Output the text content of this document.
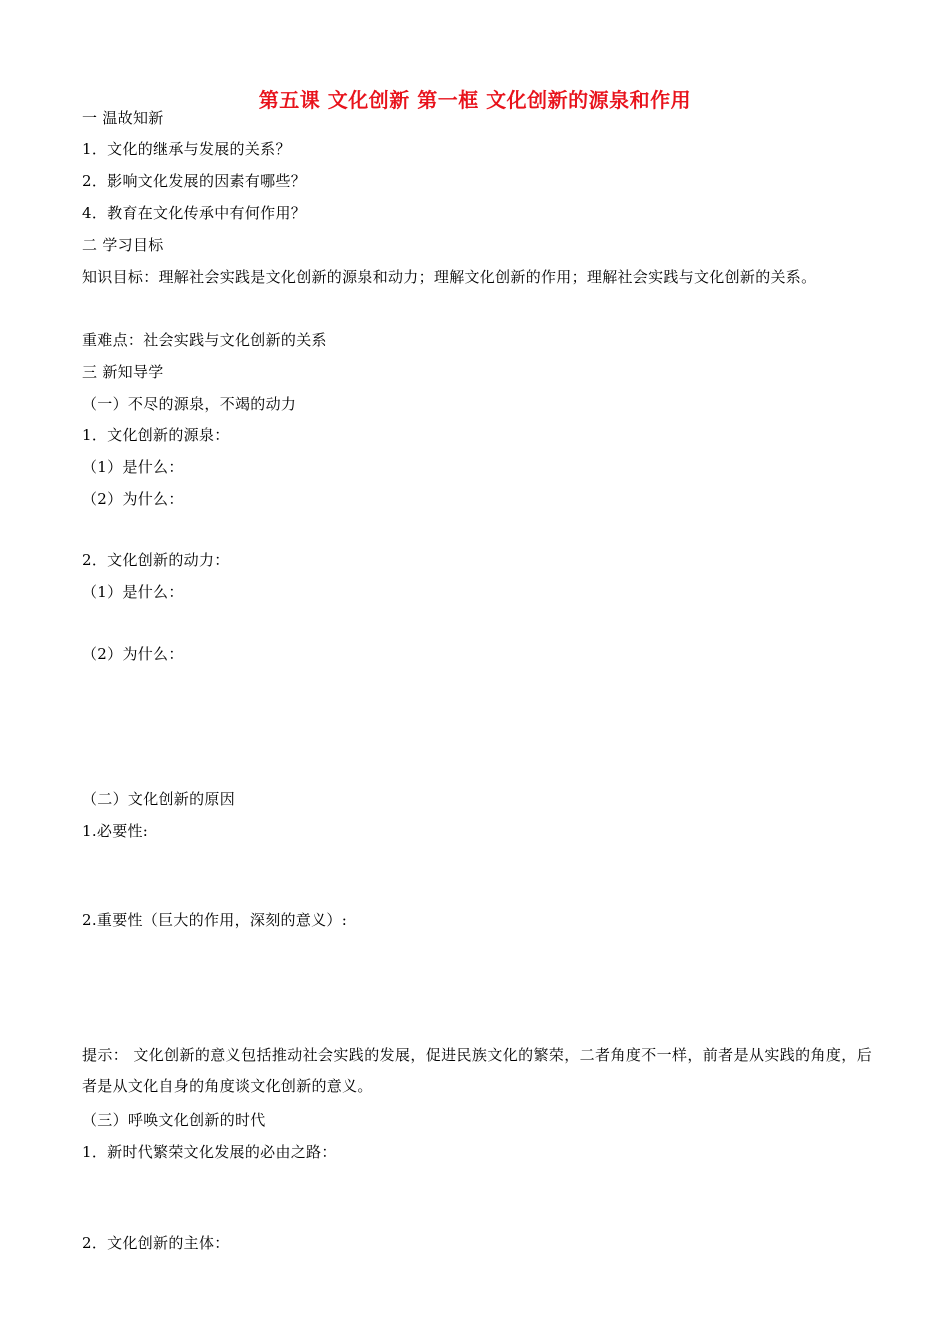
第五课 文化创新 第一框 文化创新的源泉和作用
一 温故知新
1．文化的继承与发展的关系？
2．影响文化发展的因素有哪些？
4．教育在文化传承中有何作用？
二 学习目标
知识目标：理解社会实践是文化创新的源泉和动力；理解文化创新的作用；理解社会实践与文化创新的关系。
重难点：社会实践与文化创新的关系
三 新知导学
（一）不尽的源泉，不竭的动力
1．文化创新的源泉：
（1）是什么：
（2）为什么：
2．文化创新的动力：
（1）是什么：
（2）为什么：
（二）文化创新的原因
1.必要性:
2.重要性（巨大的作用，深刻的意义）:
提示： 文化创新的意义包括推动社会实践的发展，促进民族文化的繁荣，二者角度不一样，前者是从实践的角度，后者是从文化自身的角度谈文化创新的意义。
（三）呼唤文化创新的时代
1．新时代繁荣文化发展的必由之路：
2．文化创新的主体：
